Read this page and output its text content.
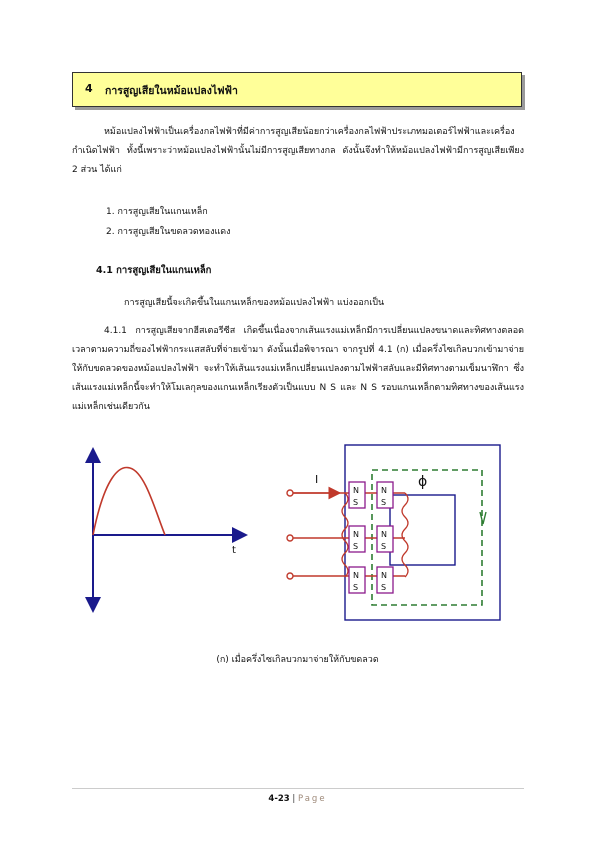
4 การสูญเสียในหม้อแปลงไฟฟ้า

หม้อแปลงไฟฟ้าเป็นเครื่องกลไฟฟ้าที่มีค่าการสูญเสียน้อยกว่าเครื่องกลไฟฟ้าประเภทมอเตอร์ไฟฟ้าและเครื่องกำเนิดไฟฟ้า ทั้งนี้เพราะว่าหม้อแปลงไฟฟ้านั้นไม่มีการสูญเสียทางกล ดังนั้นจึงทำให้หม้อแปลงไฟฟ้ามีการสูญเสียเพียง 2 ส่วน ได้แก่

1. การสูญเสียในแกนเหล็ก
2. การสูญเสียในขดลวดทองแดง
4.1 การสูญเสียในแกนเหล็ก
การสูญเสียนี้จะเกิดขึ้นในแกนเหล็กของหม้อแปลงไฟฟ้า แบ่งออกเป็น

4.1.1 การสูญเสียจากฮีสเตอรีซีส เกิดขึ้นเนื่องจากเส้นแรงแม่เหล็กมีการเปลี่ยนแปลงขนาดและทิศทางตลอดเวลาตามความถี่ของไฟฟ้ากระแสสลับที่จ่ายเข้ามา ดังนั้นเมื่อพิจารณา จากรูปที่ 4.1 (ก) เมื่อครึ่งไซเกิลบวกเข้ามาจ่ายให้กับขดลวดของหม้อแปลงไฟฟ้า จะทำให้เส้นแรงแม่เหล็กเปลี่ยนแปลงตามไฟฟ้าสลับและมีทิศทางตามเข็มนาฬิกา ซึ่งเส้นแรงแม่เหล็กนี้จะทำให้โมเลกุลของแกนเหล็กเรียงตัวเป็นแบบ N S และ N S รอบแกนเหล็กตามทิศทางของเส้นแรงแม่เหล็กเช่นเดียวกัน

t
ϕ
I
N
S
N
S
N
S
N
S
N
S
N
S
(ก) เมื่อครึ่งไซเกิลบวกมาจ่ายให้กับขดลวด
4-23 | Page
